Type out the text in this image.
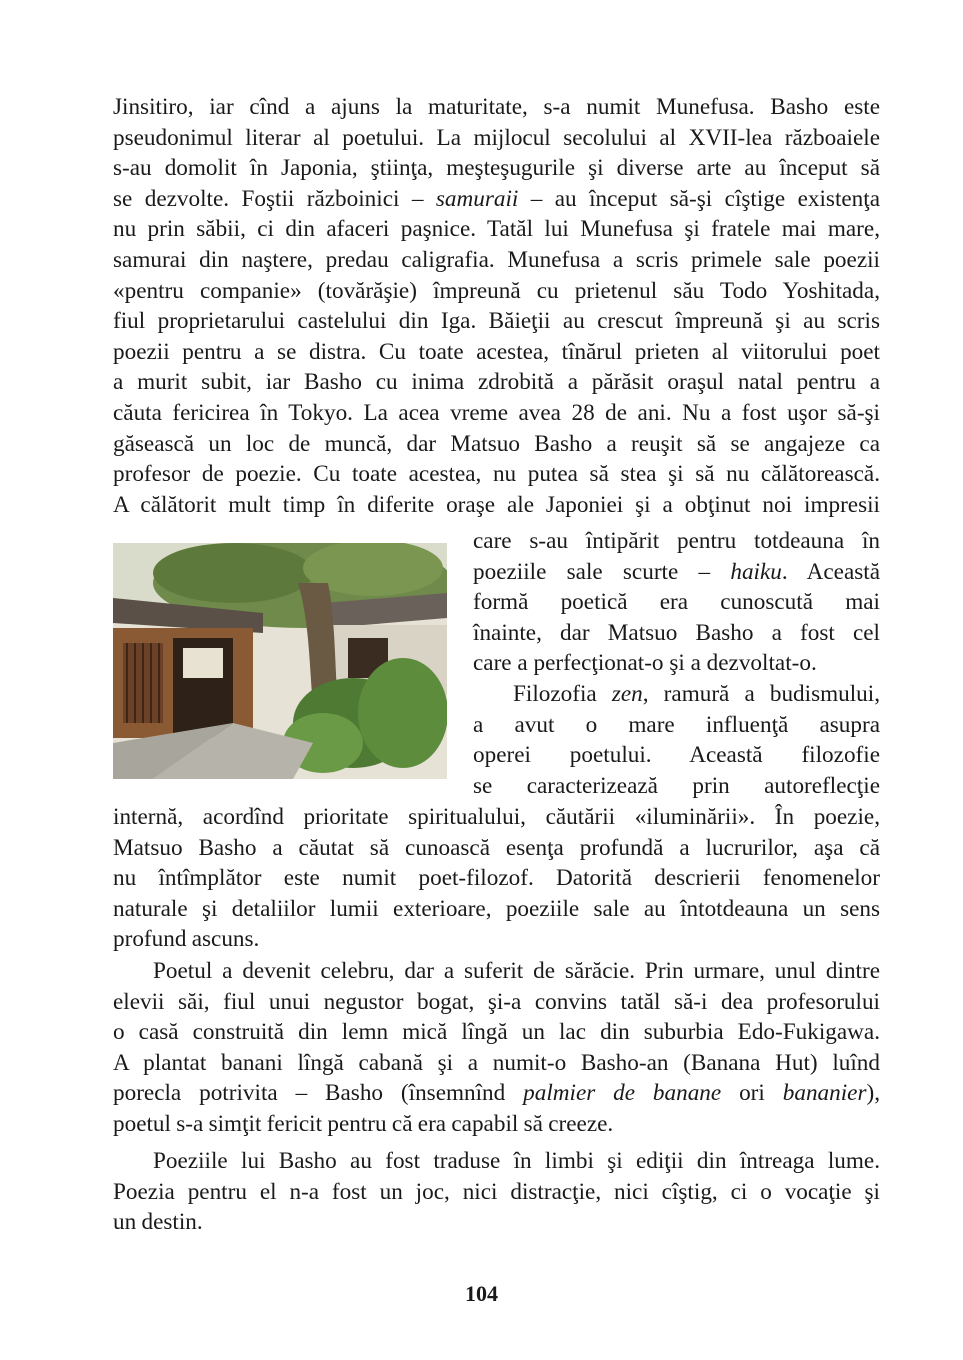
Jinsitiro, iar cînd a ajuns la maturitate, s-a numit Munefusa. Basho este
pseudonimul literar al poetului. La mijlocul secolului al XVII-lea războaiele
s-au domolit în Japonia, ştiinţa, meşteşugurile şi diverse arte au început să
se dezvolte. Foştii războinici – samuraii – au început să-şi cîştige existenţa
nu prin săbii, ci din afaceri paşnice. Tatăl lui Munefusa şi fratele mai mare,
samurai din naştere, predau caligrafia. Munefusa a scris primele sale poezii
«pentru companie» (tovărăşie) împreună cu prietenul său Todo Yoshitada,
fiul proprietarului castelului din Iga. Băieţii au crescut împreună şi au scris
poezii pentru a se distra. Cu toate acestea, tînărul prieten al viitorului poet
a murit subit, iar Basho cu inima zdrobită a părăsit oraşul natal pentru a
căuta fericirea în Tokyo. La acea vreme avea 28 de ani. Nu a fost uşor să-şi
găsească un loc de muncă, dar Matsuo Basho a reuşit să se angajeze ca
profesor de poezie. Cu toate acestea, nu putea să stea şi să nu călătorească.
A călătorit mult timp în diferite oraşe ale Japoniei şi a obţinut noi impresii
care s-au întipărit pentru totdeauna în
poeziile sale scurte – haiku. Această
formă poetică era cunoscută mai
înainte, dar Matsuo Basho a fost cel
care a perfecţionat-o şi a dezvoltat-o.
Filozofia zen, ramură a budismului,
a avut o mare influenţă asupra
operei poetului. Această filozofie
se caracterizează prin autoreflecţie
internă, acordînd prioritate spiritualului, căutării «iluminării». În poezie,
Matsuo Basho a căutat să cunoască esenţa profundă a lucrurilor, aşa că
nu întîmplător este numit poet-filozof. Datorită descrierii fenomenelor
naturale şi detaliilor lumii exterioare, poeziile sale au întotdeauna un sens
profund ascuns.
Poetul a devenit celebru, dar a suferit de sărăcie. Prin urmare, unul dintre
elevii săi, fiul unui negustor bogat, şi-a convins tatăl să-i dea profesorului
o casă construită din lemn mică lîngă un lac din suburbia Edo-Fukigawa.
A plantat banani lîngă cabană şi a numit-o Basho-an (Banana Hut) luînd
porecla potrivita – Basho (însemnînd palmier de banane ori bananier),
poetul s-a simţit fericit pentru că era capabil să creeze.
Poeziile lui Basho au fost traduse în limbi şi ediţii din întreaga lume.
Poezia pentru el n-a fost un joc, nici distracţie, nici cîştig, ci o vocaţie şi
un destin.
104
